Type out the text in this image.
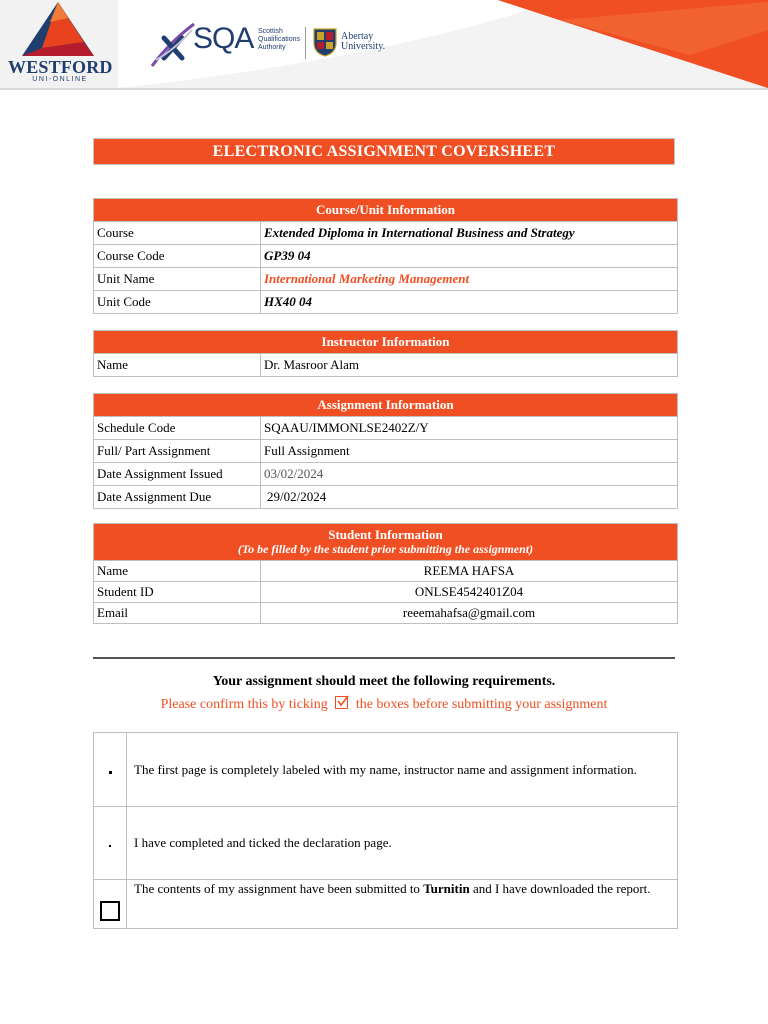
WESTFORD
UNI-ONLINE
SQA Scottish
Qualifications
Authority
Abertay
University.
ELECTRONIC ASSIGNMENT COVERSHEET
Course/Unit Information	
Course	Extended Diploma in International Business and Strategy
Course Code	GP39 04
Unit Name	International Marketing Management
Unit Code	HX40 04
Instructor Information
Name	Dr. Masroor Alam
Assignment Information	
Schedule Code	SQAAU/IMMONLSE2402Z/Y
Full/ Part Assignment	Full Assignment
Date Assignment Issued	03/02/2024
Date Assignment Due	29/02/2024
Student Information
(To be filled by the student prior submitting the assignment)	

Name	REEMA HAFSA
Student ID	ONLSE4542401Z04
Email	reeemahafsa@gmail.com
Your assignment should meet the following requirements.
Please confirm this by ticking the boxes before submitting your assignment
	The first page is completely labeled with my name, instructor name and assignment information.
	I have completed and ticked the declaration page.
	The contents of my assignment have been submitted to Turnitin and I have downloaded the report.
